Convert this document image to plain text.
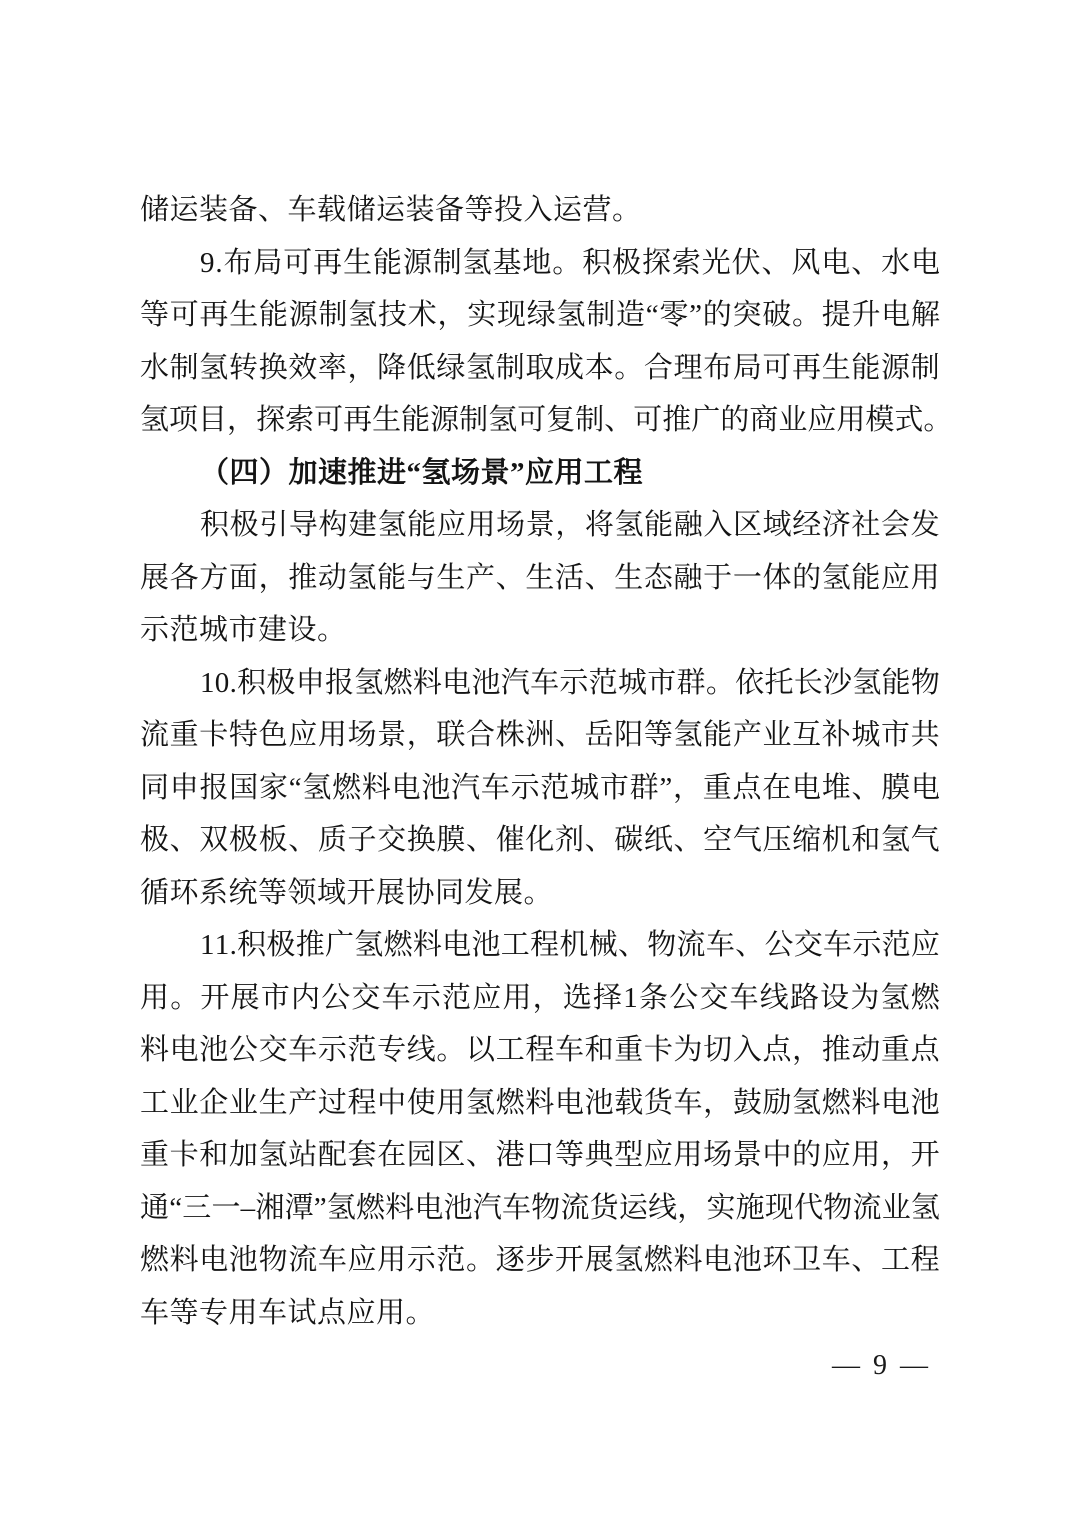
储运装备、车载储运装备等投入运营。
9 . 布 局 可 再 生 能 源 制 氢 基 地 。 积 极 探 索 光 伏 、 风 电 、 水 电
等 可 再 生 能 源 制 氢 技 术 ， 实 现 绿 氢 制 造 “ 零 ” 的 突 破 。 提 升 电 解
水 制 氢 转 换 效 率 ， 降 低 绿 氢 制 取 成 本 。 合 理 布 局 可 再 生 能 源 制
氢 项 目 ， 探 索 可 再 生 能 源 制 氢 可 复 制 、 可 推 广 的 商 业 应 用 模 式 。
（四）加速推进“氢场景”应用工程
积 极 引 导 构 建 氢 能 应 用 场 景 ， 将 氢 能 融 入 区 域 经 济 社 会 发
展 各 方 面 ， 推 动 氢 能 与 生 产 、 生 活 、 生 态 融 于 一 体 的 氢 能 应 用
示范城市建设。
1 0 . 积 极 申 报 氢 燃 料 电 池 汽 车 示 范 城 市 群 。 依 托 长 沙 氢 能 物
流 重 卡 特 色 应 用 场 景 ， 联 合 株 洲 、 岳 阳 等 氢 能 产 业 互 补 城 市 共
同 申 报 国 家 “ 氢 燃 料 电 池 汽 车 示 范 城 市 群 ” ， 重 点 在 电 堆 、 膜 电
极 、 双 极 板 、 质 子 交 换 膜 、 催 化 剂 、 碳 纸 、 空 气 压 缩 机 和 氢 气
循环系统等领域开展协同发展。
1 1 . 积 极 推 广 氢 燃 料 电 池 工 程 机 械 、 物 流 车 、 公 交 车 示 范 应
用 。 开 展 市 内 公 交 车 示 范 应 用 ， 选 择 1 条 公 交 车 线 路 设 为 氢 燃
料 电 池 公 交 车 示 范 专 线 。 以 工 程 车 和 重 卡 为 切 入 点 ， 推 动 重 点
工 业 企 业 生 产 过 程 中 使 用 氢 燃 料 电 池 载 货 车 ， 鼓 励 氢 燃 料 电 池
重 卡 和 加 氢 站 配 套 在 园 区 、 港 口 等 典 型 应 用 场 景 中 的 应 用 ， 开
通 “ 三 一 – 湘 潭 ” 氢 燃 料 电 池 汽 车 物 流 货 运 线 ， 实 施 现 代 物 流 业 氢
燃 料 电 池 物 流 车 应 用 示 范 。 逐 步 开 展 氢 燃 料 电 池 环 卫 车 、 工 程
车等专用车试点应用。
— 9 —
